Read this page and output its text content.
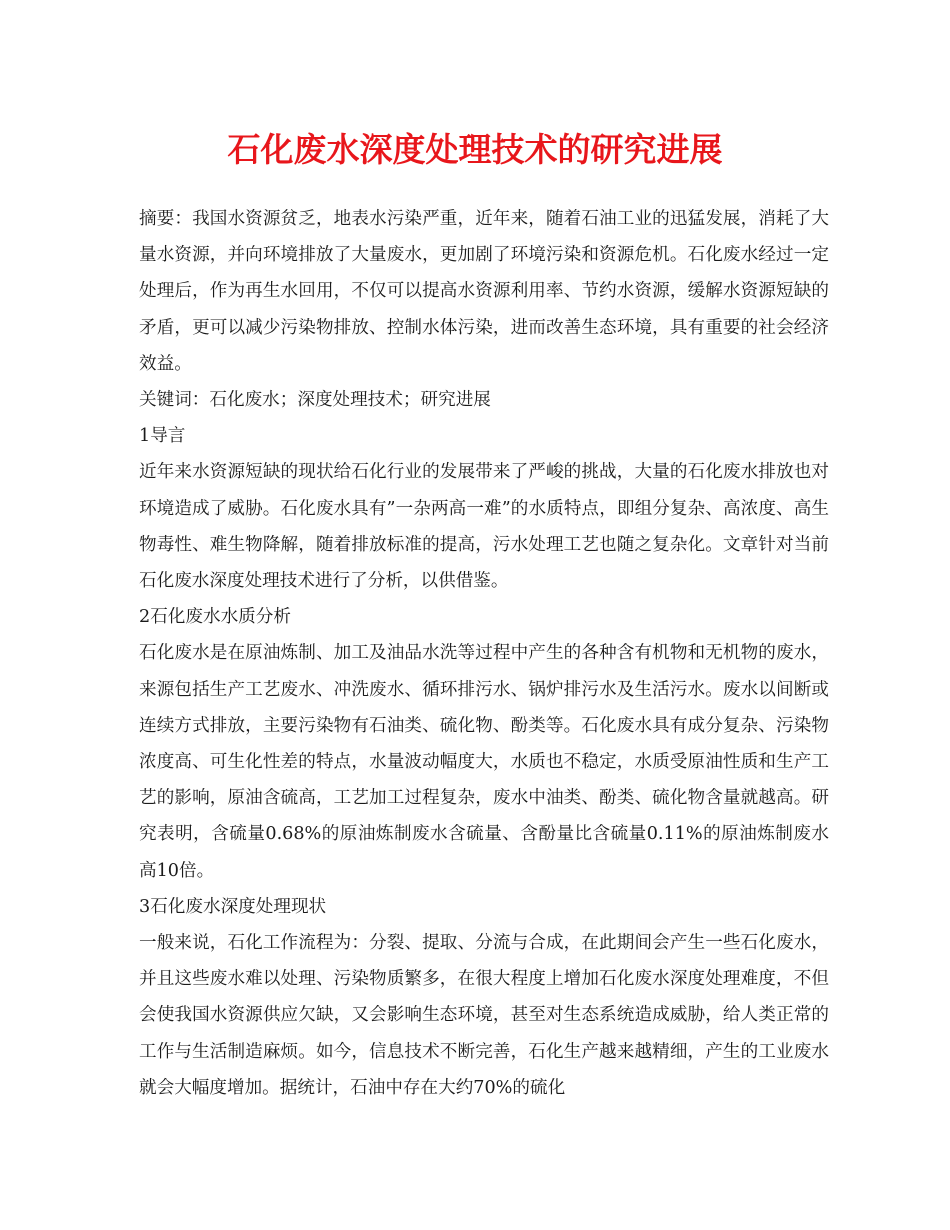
石化废水深度处理技术的研究进展

摘要：我国水资源贫乏，地表水污染严重，近年来，随着石油工业的迅猛发展，消耗了大量水资源，并向环境排放了大量废水，更加剧了环境污染和资源危机。石化废水经过一定处理后，作为再生水回用，不仅可以提高水资源利用率、节约水资源，缓解水资源短缺的矛盾，更可以减少污染物排放、控制水体污染，进而改善生态环境，具有重要的社会经济效益。

关键词：石化废水；深度处理技术；研究进展

1导言

近年来水资源短缺的现状给石化行业的发展带来了严峻的挑战，大量的石化废水排放也对环境造成了威胁。石化废水具有”一杂两高一难”的水质特点，即组分复杂、高浓度、高生物毒性、难生物降解，随着排放标准的提高，污水处理工艺也随之复杂化。文章针对当前石化废水深度处理技术进行了分析，以供借鉴。

2石化废水水质分析

石化废水是在原油炼制、加工及油品水洗等过程中产生的各种含有机物和无机物的废水，来源包括生产工艺废水、冲洗废水、循环排污水、锅炉排污水及生活污水。废水以间断或连续方式排放，主要污染物有石油类、硫化物、酚类等。石化废水具有成分复杂、污染物浓度高、可生化性差的特点，水量波动幅度大，水质也不稳定，水质受原油性质和生产工艺的影响，原油含硫高，工艺加工过程复杂，废水中油类、酚类、硫化物含量就越高。研究表明，含硫量0.68%的原油炼制废水含硫量、含酚量比含硫量0.11%的原油炼制废水高10倍。

3石化废水深度处理现状

一般来说，石化工作流程为：分裂、提取、分流与合成，在此期间会产生一些石化废水，并且这些废水难以处理、污染物质繁多，在很大程度上增加石化废水深度处理难度，不但会使我国水资源供应欠缺，又会影响生态环境，甚至对生态系统造成威胁，给人类正常的工作与生活制造麻烦。如今，信息技术不断完善，石化生产越来越精细，产生的工业废水就会大幅度增加。据统计，石油中存在大约70%的硫化
